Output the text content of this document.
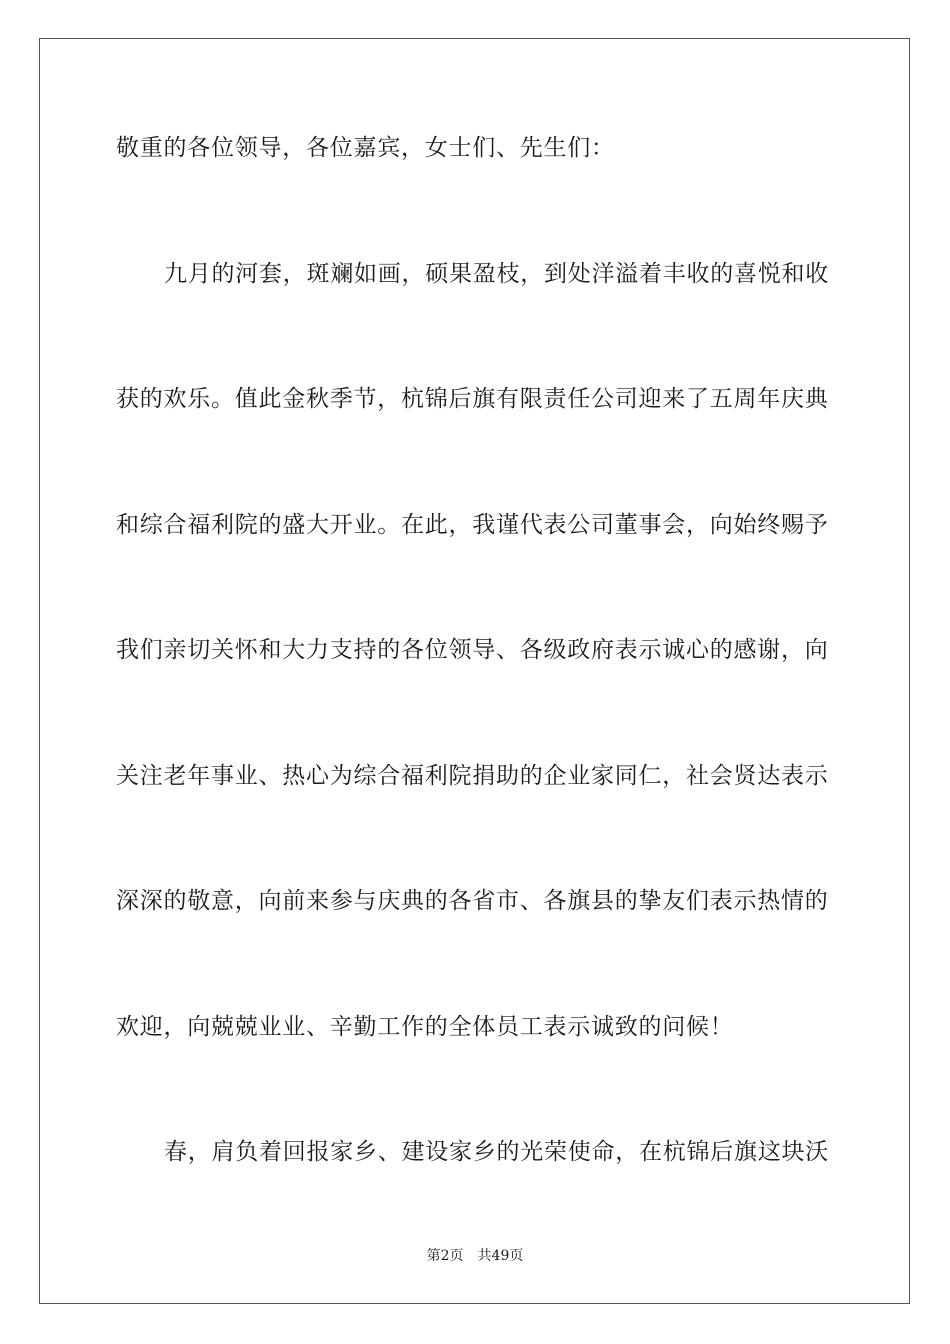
敬重的各位领导，各位嘉宾，女士们、先生们：
九月的河套，斑斓如画，硕果盈枝，到处洋溢着丰收的喜悦和收
获的欢乐。值此金秋季节，杭锦后旗有限责任公司迎来了五周年庆典
和综合福利院的盛大开业。在此，我谨代表公司董事会，向始终赐予
我们亲切关怀和大力支持的各位领导、各级政府表示诚心的感谢，向
关注老年事业、热心为综合福利院捐助的企业家同仁，社会贤达表示
深深的敬意，向前来参与庆典的各省市、各旗县的挚友们表示热情的
欢迎，向兢兢业业、辛勤工作的全体员工表示诚致的问候！
春，肩负着回报家乡、建设家乡的光荣使命，在杭锦后旗这块沃
第2页 共49页
